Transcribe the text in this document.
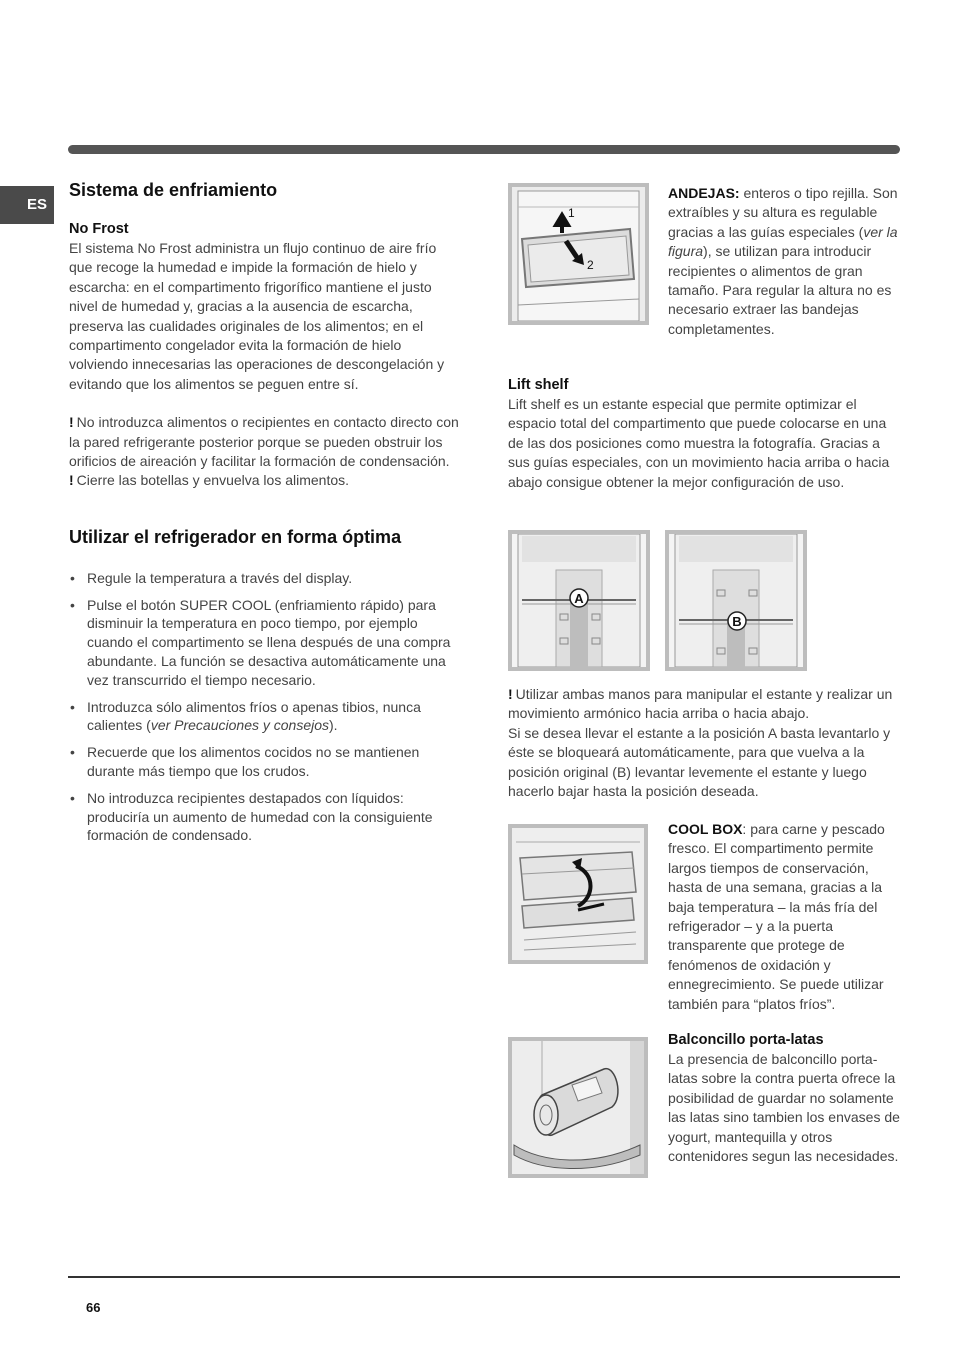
ES
Sistema de enfriamiento
No Frost

El sistema No Frost administra un flujo continuo de aire frío que recoge la humedad e impide la formación de hielo y escarcha: en el compartimento frigorífico mantiene el justo nivel de humedad y, gracias a la ausencia de escarcha, preserva las cualidades originales de los alimentos; en el compartimento congelador evita la formación de hielo volviendo innecesarias las operaciones de descongelación y evitando que los alimentos se peguen entre sí.

! No introduzca alimentos o recipientes en contacto directo con la pared refrigerante posterior porque se pueden obstruir los orificios de aireación y facilitar la formación de condensación.

! Cierre las botellas y envuelva los alimentos.

Utilizar el refrigerador en forma óptima
• Regule la temperatura a través del display.
• Pulse el botón SUPER COOL (enfriamiento rápido) para disminuir la temperatura en poco tiempo, por ejemplo cuando el compartimento se llena después de una compra abundante. La función se desactiva automáticamente una vez transcurrido el tiempo necesario.
• Introduzca sólo alimentos fríos o apenas tibios, nunca calientes (ver Precauciones y consejos).
• Recuerde que los alimentos cocidos no se mantienen durante más tiempo que los crudos.
• No introduzca recipientes destapados con líquidos: produciría un aumento de humedad con la consiguiente formación de condensado.
1
2
ANDEJAS: enteros o tipo rejilla. Son extraíbles y su altura es regulable gracias a las guías especiales (ver la figura), se utilizan para introducir recipientes o alimentos de gran tamaño. Para regular la altura no es necesario extraer las bandejas completamentes.
Lift shelf
Lift shelf es un estante especial que permite optimizar el espacio total del compartimento que puede colocarse en una de las dos posiciones como muestra la fotografía. Gracias a sus guías especiales, con un movimiento hacia arriba o hacia abajo consigue obtener la mejor configuración de uso.
A
B
! Utilizar ambas manos para manipular el estante y realizar un movimiento armónico hacia arriba o hacia abajo.
Si se desea llevar el estante a la posición A basta levantarlo y éste se bloqueará automáticamente, para que vuelva a la posición original (B) levantar levemente el estante y luego hacerlo bajar hasta la posición deseada.
COOL BOX: para carne y pescado fresco. El compartimento permite largos tiempos de conservación, hasta de una semana, gracias a la baja temperatura – la más fría del refrigerador – y a la puerta transparente que protege de fenómenos de oxidación y ennegrecimiento. Se puede utilizar también para “platos fríos”.
Balconcillo porta-latas
La presencia de balconcillo porta-latas sobre la contra puerta ofrece la posibilidad de guardar no solamente las latas sino tambien los envases de yogurt, mantequilla y otros contenidores segun las necesidades.
66
